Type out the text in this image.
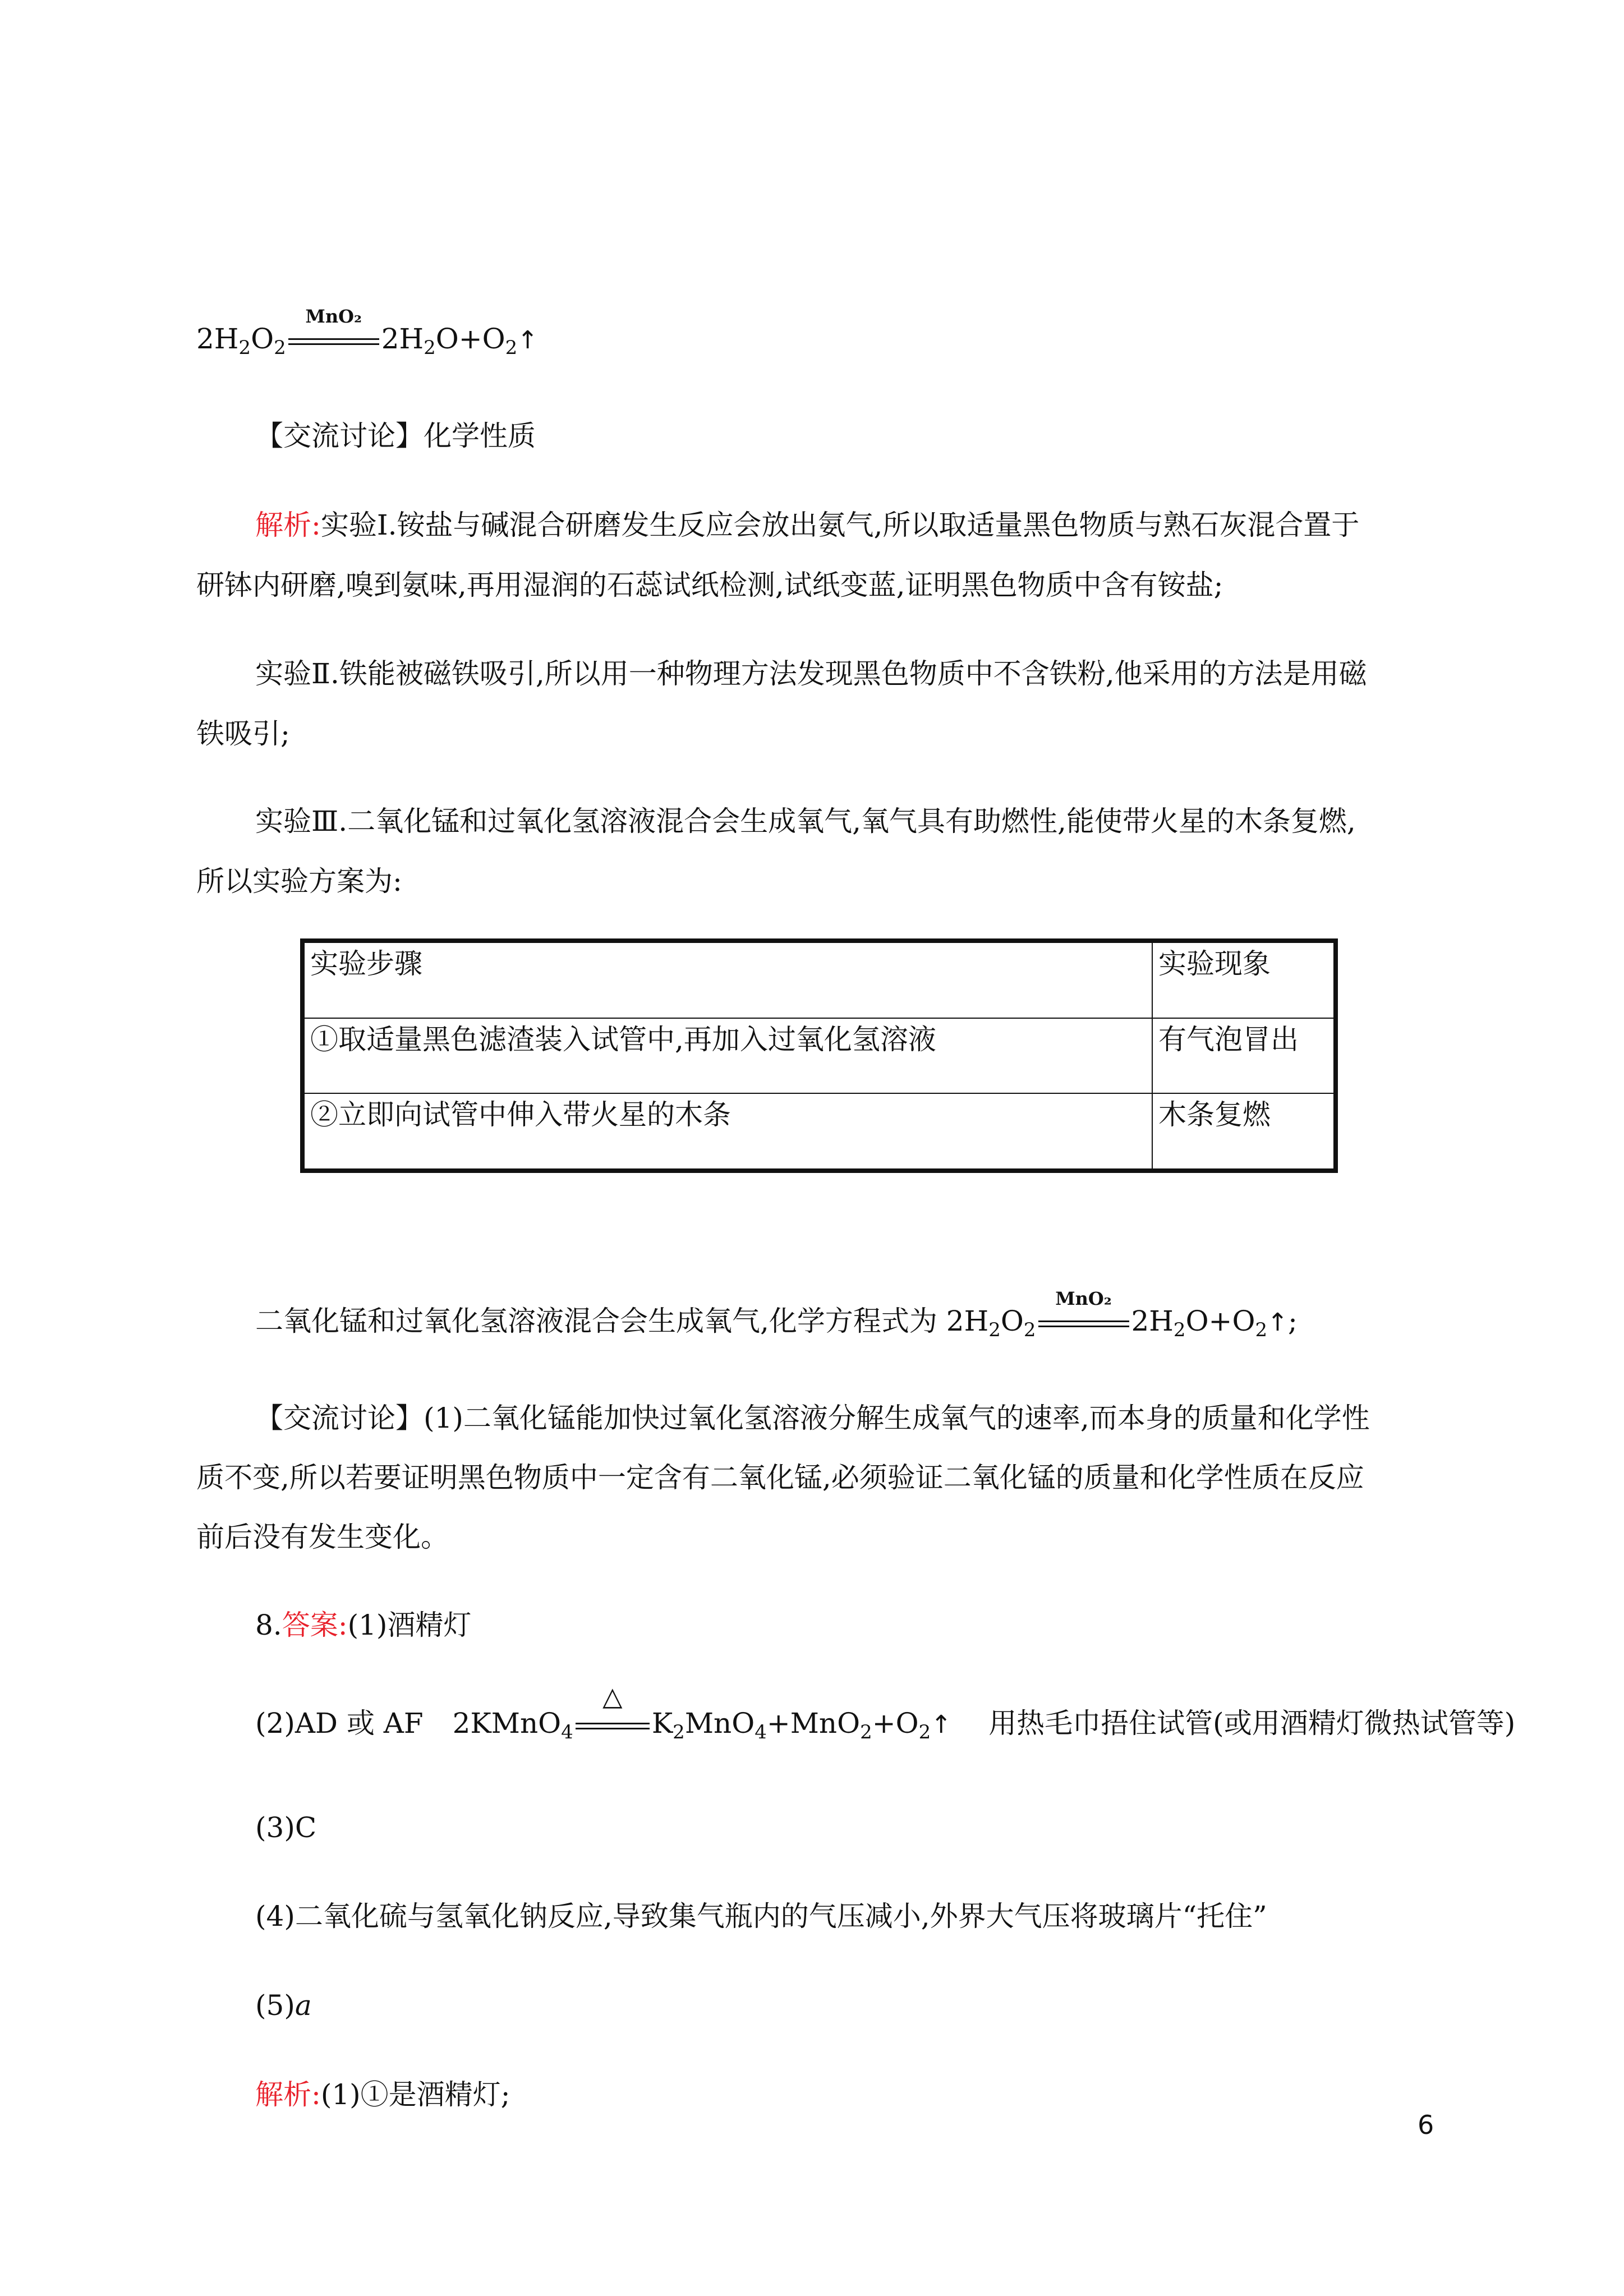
$2H_2O_2$
MnO₂
$2H_2O+O_2↑$
【交流讨论】化学性质
解析:实验Ⅰ.铵盐与碱混合研磨发生反应会放出氨气,所以取适量黑色物质与熟石灰混合置于
研钵内研磨,嗅到氨味,再用湿润的石蕊试纸检测,试纸变蓝,证明黑色物质中含有铵盐;
实验Ⅱ.铁能被磁铁吸引,所以用一种物理方法发现黑色物质中不含铁粉,他采用的方法是用磁
铁吸引;
实验Ⅲ.二氧化锰和过氧化氢溶液混合会生成氧气,氧气具有助燃性,能使带火星的木条复燃,
所以实验方案为:
实验步骤	实验现象
①取适量黑色滤渣装入试管中,再加入过氧化氢溶液	有气泡冒出
②立即向试管中伸入带火星的木条	木条复燃
二氧化锰和过氧化氢溶液混合会生成氧气,化学方程式为 $2H_2O_2$
MnO₂
$2H_2O+O_2↑$;
【交流讨论】(1)二氧化锰能加快过氧化氢溶液分解生成氧气的速率,而本身的质量和化学性
质不变,所以若要证明黑色物质中一定含有二氧化锰,必须验证二氧化锰的质量和化学性质在反应
前后没有发生变化。
8.答案:(1)酒精灯
(2)AD 或 AF 2KMnO$_4$
△
$K_2MnO_4+MnO_2+O_2↑$ 用热毛巾捂住试管(或用酒精灯微热试管等)
(3)C
(4)二氧化硫与氢氧化钠反应,导致集气瓶内的气压减小,外界大气压将玻璃片“托住”
(5)a
解析:(1)①是酒精灯;
6
